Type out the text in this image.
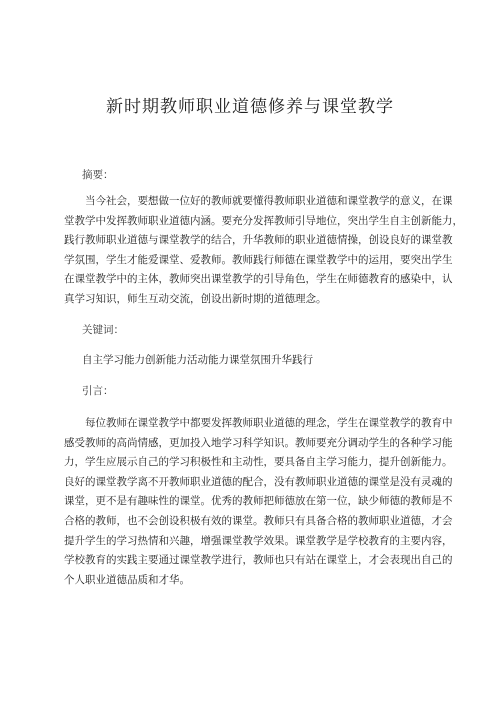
新时期教师职业道德修养与课堂教学
摘要：
当今社会，要想做一位好的教师就要懂得教师职业道德和课堂教学的意义，在课
堂教学中发挥教师职业道德内涵。要充分发挥教师引导地位，突出学生自主创新能力，
践行教师职业道德与课堂教学的结合，升华教师的职业道德情操，创设良好的课堂教
学氛围，学生才能爱课堂、爱教师。教师践行师德在课堂教学中的运用，要突出学生
在课堂教学中的主体，教师突出课堂教学的引导角色，学生在师德教育的感染中，认
真学习知识，师生互动交流，创设出新时期的道德理念。
关键词：
自主学习能力创新能力活动能力课堂氛围升华践行
引言：
每位教师在课堂教学中都要发挥教师职业道德的理念，学生在课堂教学的教育中
感受教师的高尚情感，更加投入地学习科学知识。教师要充分调动学生的各种学习能
力，学生应展示自己的学习积极性和主动性，要具备自主学习能力，提升创新能力。
良好的课堂教学离不开教师职业道德的配合，没有教师职业道德的课堂是没有灵魂的
课堂，更不是有趣味性的课堂。优秀的教师把师德放在第一位，缺少师德的教师是不
合格的教师，也不会创设积极有效的课堂。教师只有具备合格的教师职业道德，才会
提升学生的学习热情和兴趣，增强课堂教学效果。课堂教学是学校教育的主要内容，
学校教育的实践主要通过课堂教学进行，教师也只有站在课堂上，才会表现出自己的
个人职业道德品质和才华。
